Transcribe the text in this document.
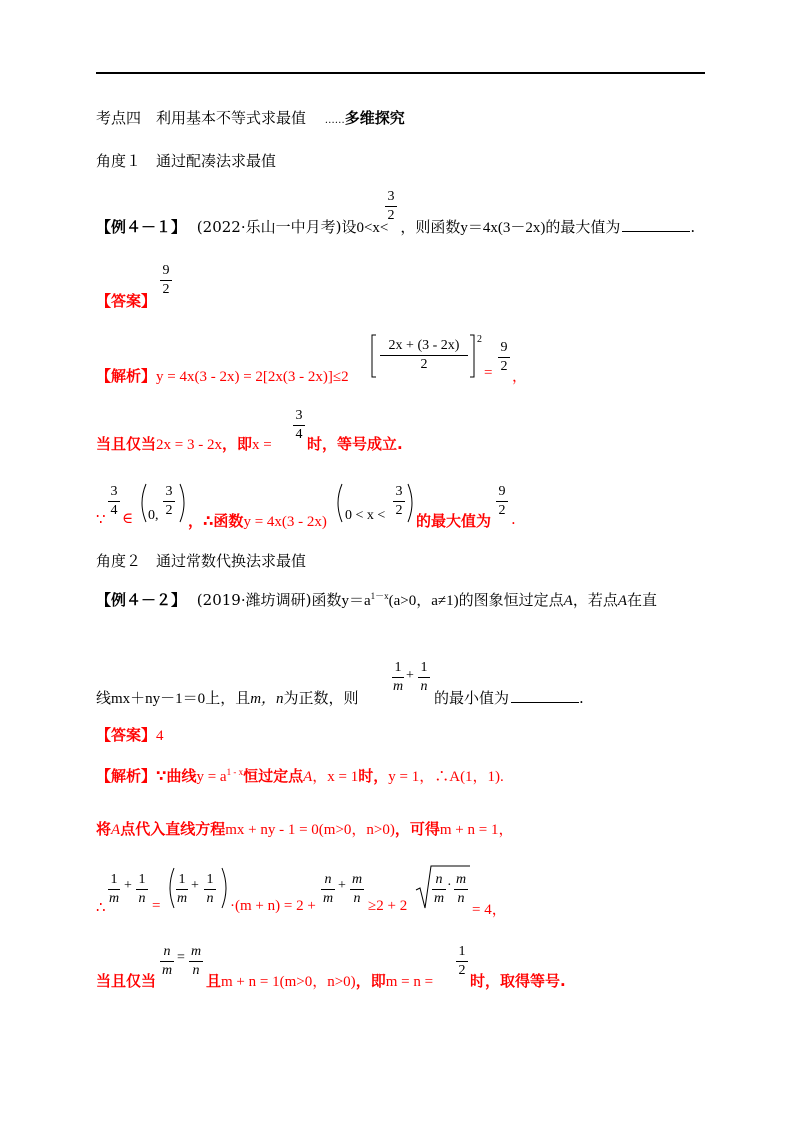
考点四　利用基本不等式求最值 ……多维探究
角度１　通过配凑法求最值
【例４－１】 (2022·乐山一中月考)设0<x< ，则函数y＝4x(3－2x)的最大值为	.
3
2
【答案】
9
2
【解析】y = 4x(3 - 2x) = 2[2x(3 - 2x)]≤2
2x + (3 - 2x)
2
2
=
9
2
，
当且仅当2x = 3 - 2x，即x =
3
4
时，等号成立.
∵
3
4 ∈ 0,
3
2
，∴函数y = 4x(3 - 2x) 0 < x <
3
2
的最大值为
9
2 .
角度２　通过常数代换法求最值
【例４－２】 (2019·潍坊调研)函数$y=a^{1-x}(a>0$，a≠1)的图象恒过定点A，若点A在直
线mx＋ny－1＝0上，且m，n为正数，则
1
m
+
1
n
的最小值为	.
【答案】4
【解析】∵曲线$y = a^{1 - x}$恒过定点A，x = 1时，y = 1，∴A(1，1).
将A点代入直线方程mx + ny - 1 = 0(m>0，n>0)，可得m + n = 1，
∴
1
m
+ 1
n =
1
m
+ 1
n ·(m + n) = 2 +
n
m
+ m
n ≥2 + 2
n
m
· m
n
= 4，
当且仅当
n
m
= m
n
且m + n = 1(m>0，n>0)，即m = n =
1
2
时，取得等号.
